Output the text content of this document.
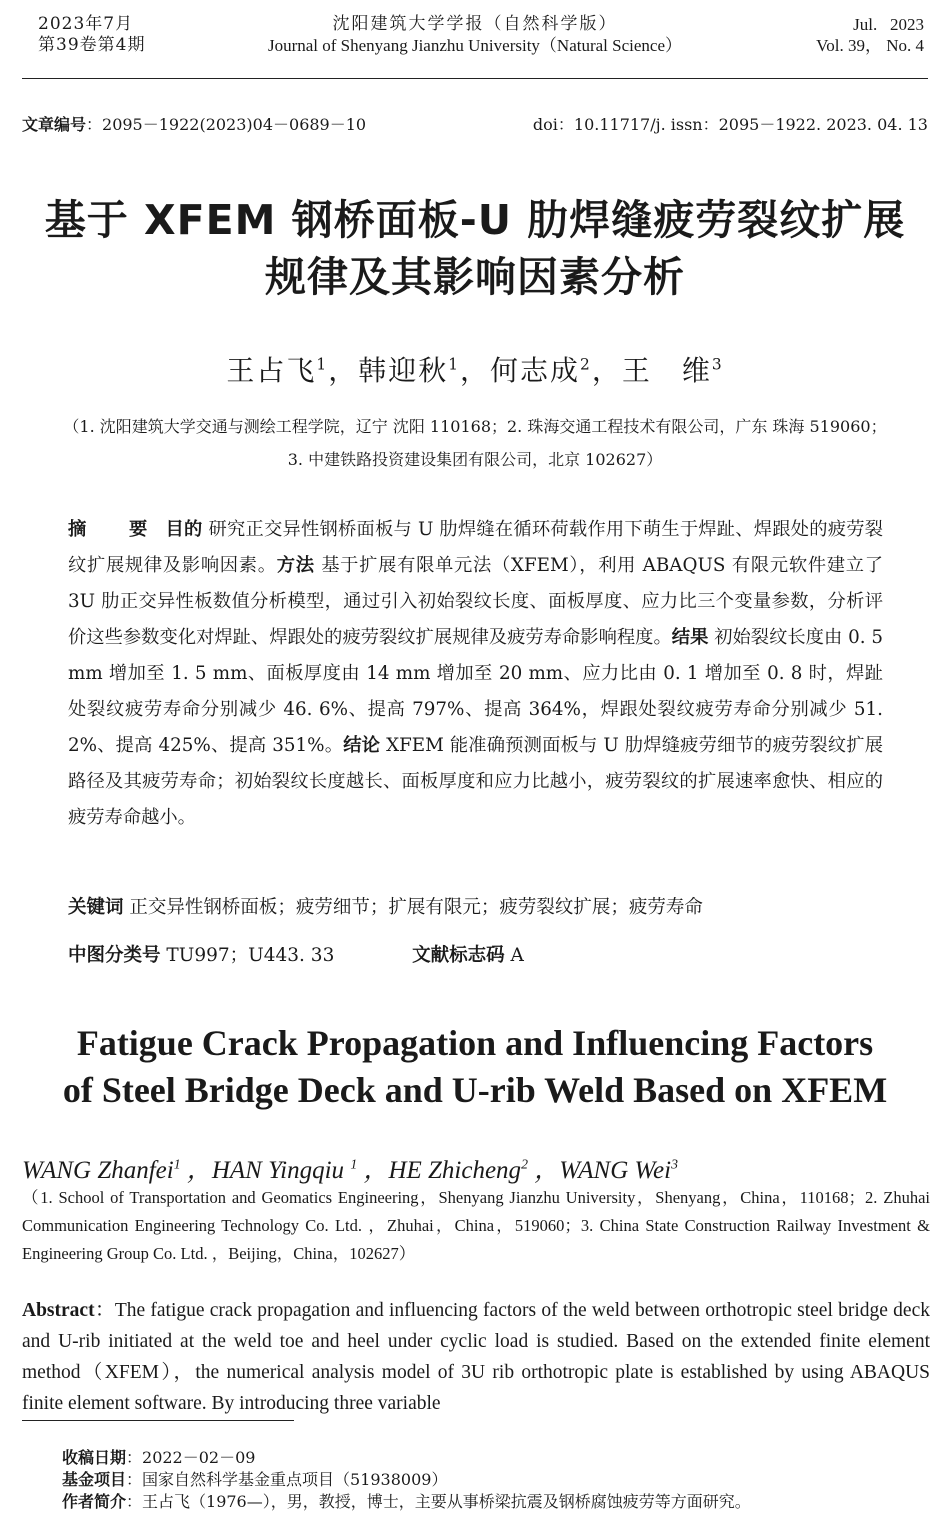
2023年7月
第39卷第4期
沈阳建筑大学学报（自然科学版）
Journal of Shenyang Jianzhu University（Natural Science）
Jul.   2023
Vol. 39， No. 4
文章编号：2095－1922(2023)04－0689－10	doi：10.11717/j. issn：2095－1922. 2023. 04. 13
基于 XFEM 钢桥面板-U 肋焊缝疲劳裂纹扩展
规律及其影响因素分析
王占飞$^1$，韩迎秋$^1$，何志成$^2$，王　维$^3$
（1. 沈阳建筑大学交通与测绘工程学院，辽宁 沈阳 110168；2. 珠海交通工程技术有限公司，广东 珠海 519060；
3. 中建铁路投资建设集团有限公司，北京 102627）
摘　要 目的 研究正交异性钢桥面板与 U 肋焊缝在循环荷载作用下萌生于焊趾、焊跟处的疲劳裂纹扩展规律及影响因素。方法 基于扩展有限单元法（XFEM），利用 ABAQUS 有限元软件建立了 3U 肋正交异性板数值分析模型，通过引入初始裂纹长度、面板厚度、应力比三个变量参数，分析评价这些参数变化对焊趾、焊跟处的疲劳裂纹扩展规律及疲劳寿命影响程度。结果 初始裂纹长度由 0. 5 mm 增加至 1. 5 mm、面板厚度由 14 mm 增加至 20 mm、应力比由 0. 1 增加至 0. 8 时，焊趾处裂纹疲劳寿命分别减少 46. 6%、提高 797%、提高 364%，焊跟处裂纹疲劳寿命分别减少 51. 2%、提高 425%、提高 351%。结论 XFEM 能准确预测面板与 U 肋焊缝疲劳细节的疲劳裂纹扩展路径及其疲劳寿命；初始裂纹长度越长、面板厚度和应力比越小，疲劳裂纹的扩展速率愈快、相应的疲劳寿命越小。
关键词 正交异性钢桥面板；疲劳细节；扩展有限元；疲劳裂纹扩展；疲劳寿命
中图分类号 TU997；U443. 33	文献标志码 A
Fatigue Crack Propagation and Influencing Factors
of Steel Bridge Deck and U-rib Weld Based on XFEM
WANG Zhanfei$^1$ ，HAN Yingqiu $^1$ ，HE Zhicheng$^2$ ，WANG Wei$^3$
（1. School of Transportation and Geomatics Engineering，Shenyang Jianzhu University，Shenyang，China，110168；2. Zhuhai Communication Engineering Technology Co. Ltd. ，Zhuhai，China，519060；3. China State Construction Railway Investment & Engineering Group Co. Ltd. ，Beijing，China，102627）
Abstract：The fatigue crack propagation and influencing factors of the weld between orthotropic steel bridge deck and U-rib initiated at the weld toe and heel under cyclic load is studied. Based on the extended finite element method（XFEM），the numerical analysis model of 3U rib orthotropic plate is established by using ABAQUS finite element software. By introducing three variable
收稿日期：2022－02－09
基金项目：国家自然科学基金重点项目（51938009）
作者简介：王占飞（1976—），男，教授，博士，主要从事桥梁抗震及钢桥腐蚀疲劳等方面研究。
